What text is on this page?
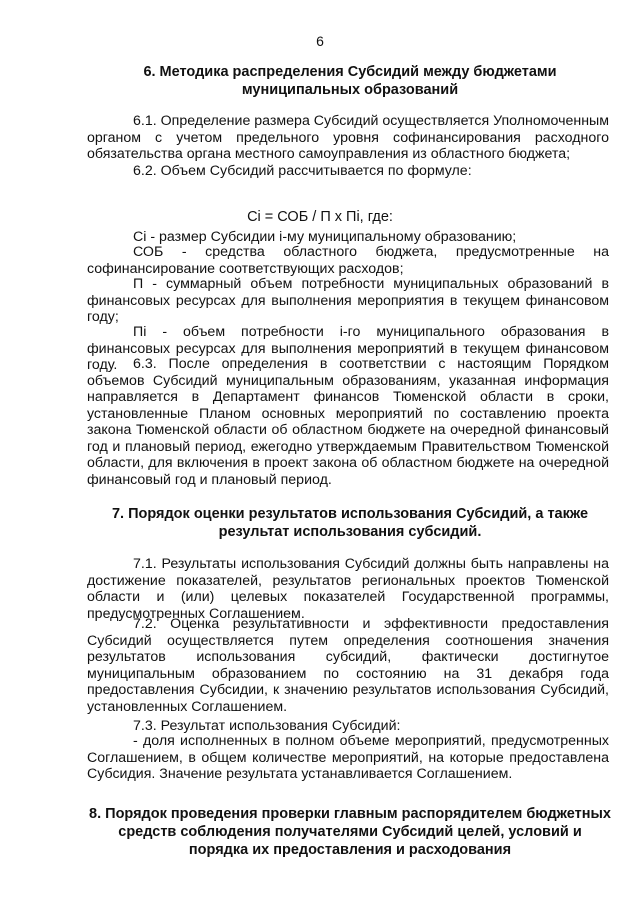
6
6. Методика распределения Субсидий между бюджетами муниципальных образований
6.1. Определение размера Субсидий осуществляется Уполномоченным органом с учетом предельного уровня софинансирования расходного обязательства органа местного самоуправления из областного бюджета;
6.2. Объем Субсидий рассчитывается по формуле:
Сi = СОБ / П х Пi, где:
Сi - размер Субсидии i-му муниципальному образованию;
СОБ - средства областного бюджета, предусмотренные на софинансирование соответствующих расходов;
П - суммарный объем потребности муниципальных образований в финансовых ресурсах для выполнения мероприятия в текущем финансовом году;
Пi - объем потребности i-го муниципального образования в финансовых ресурсах для выполнения мероприятий в текущем финансовом году.	6.3. После определения в соответствии с настоящим Порядком объемов Субсидий муниципальным образованиям, указанная информация направляется в Департамент финансов Тюменской области в сроки, установленные Планом основных мероприятий по составлению проекта закона Тюменской области об областном бюджете на очередной финансовый год и плановый период, ежегодно утверждаемым Правительством Тюменской области, для включения в проект закона об областном бюджете на очередной финансовый год и плановый период.
7. Порядок оценки результатов использования Субсидий, а также результат использования субсидий.
7.1. Результаты использования Субсидий должны быть направлены на достижение показателей, результатов региональных проектов Тюменской области и (или) целевых показателей Государственной программы, предусмотренных Соглашением.
7.2. Оценка результативности и эффективности предоставления Субсидий осуществляется путем определения соотношения значения результатов использования субсидий, фактически достигнутое муниципальным образованием по состоянию на 31 декабря года предоставления Субсидии, к значению результатов использования Субсидий, установленных Соглашением.
7.3. Результат использования Субсидий:
- доля исполненных в полном объеме мероприятий, предусмотренных Соглашением, в общем количестве мероприятий, на которые предоставлена Субсидия. Значение результата устанавливается Соглашением.
8. Порядок проведения проверки главным распорядителем бюджетных средств соблюдения получателями Субсидий целей, условий и порядка их предоставления и расходования
